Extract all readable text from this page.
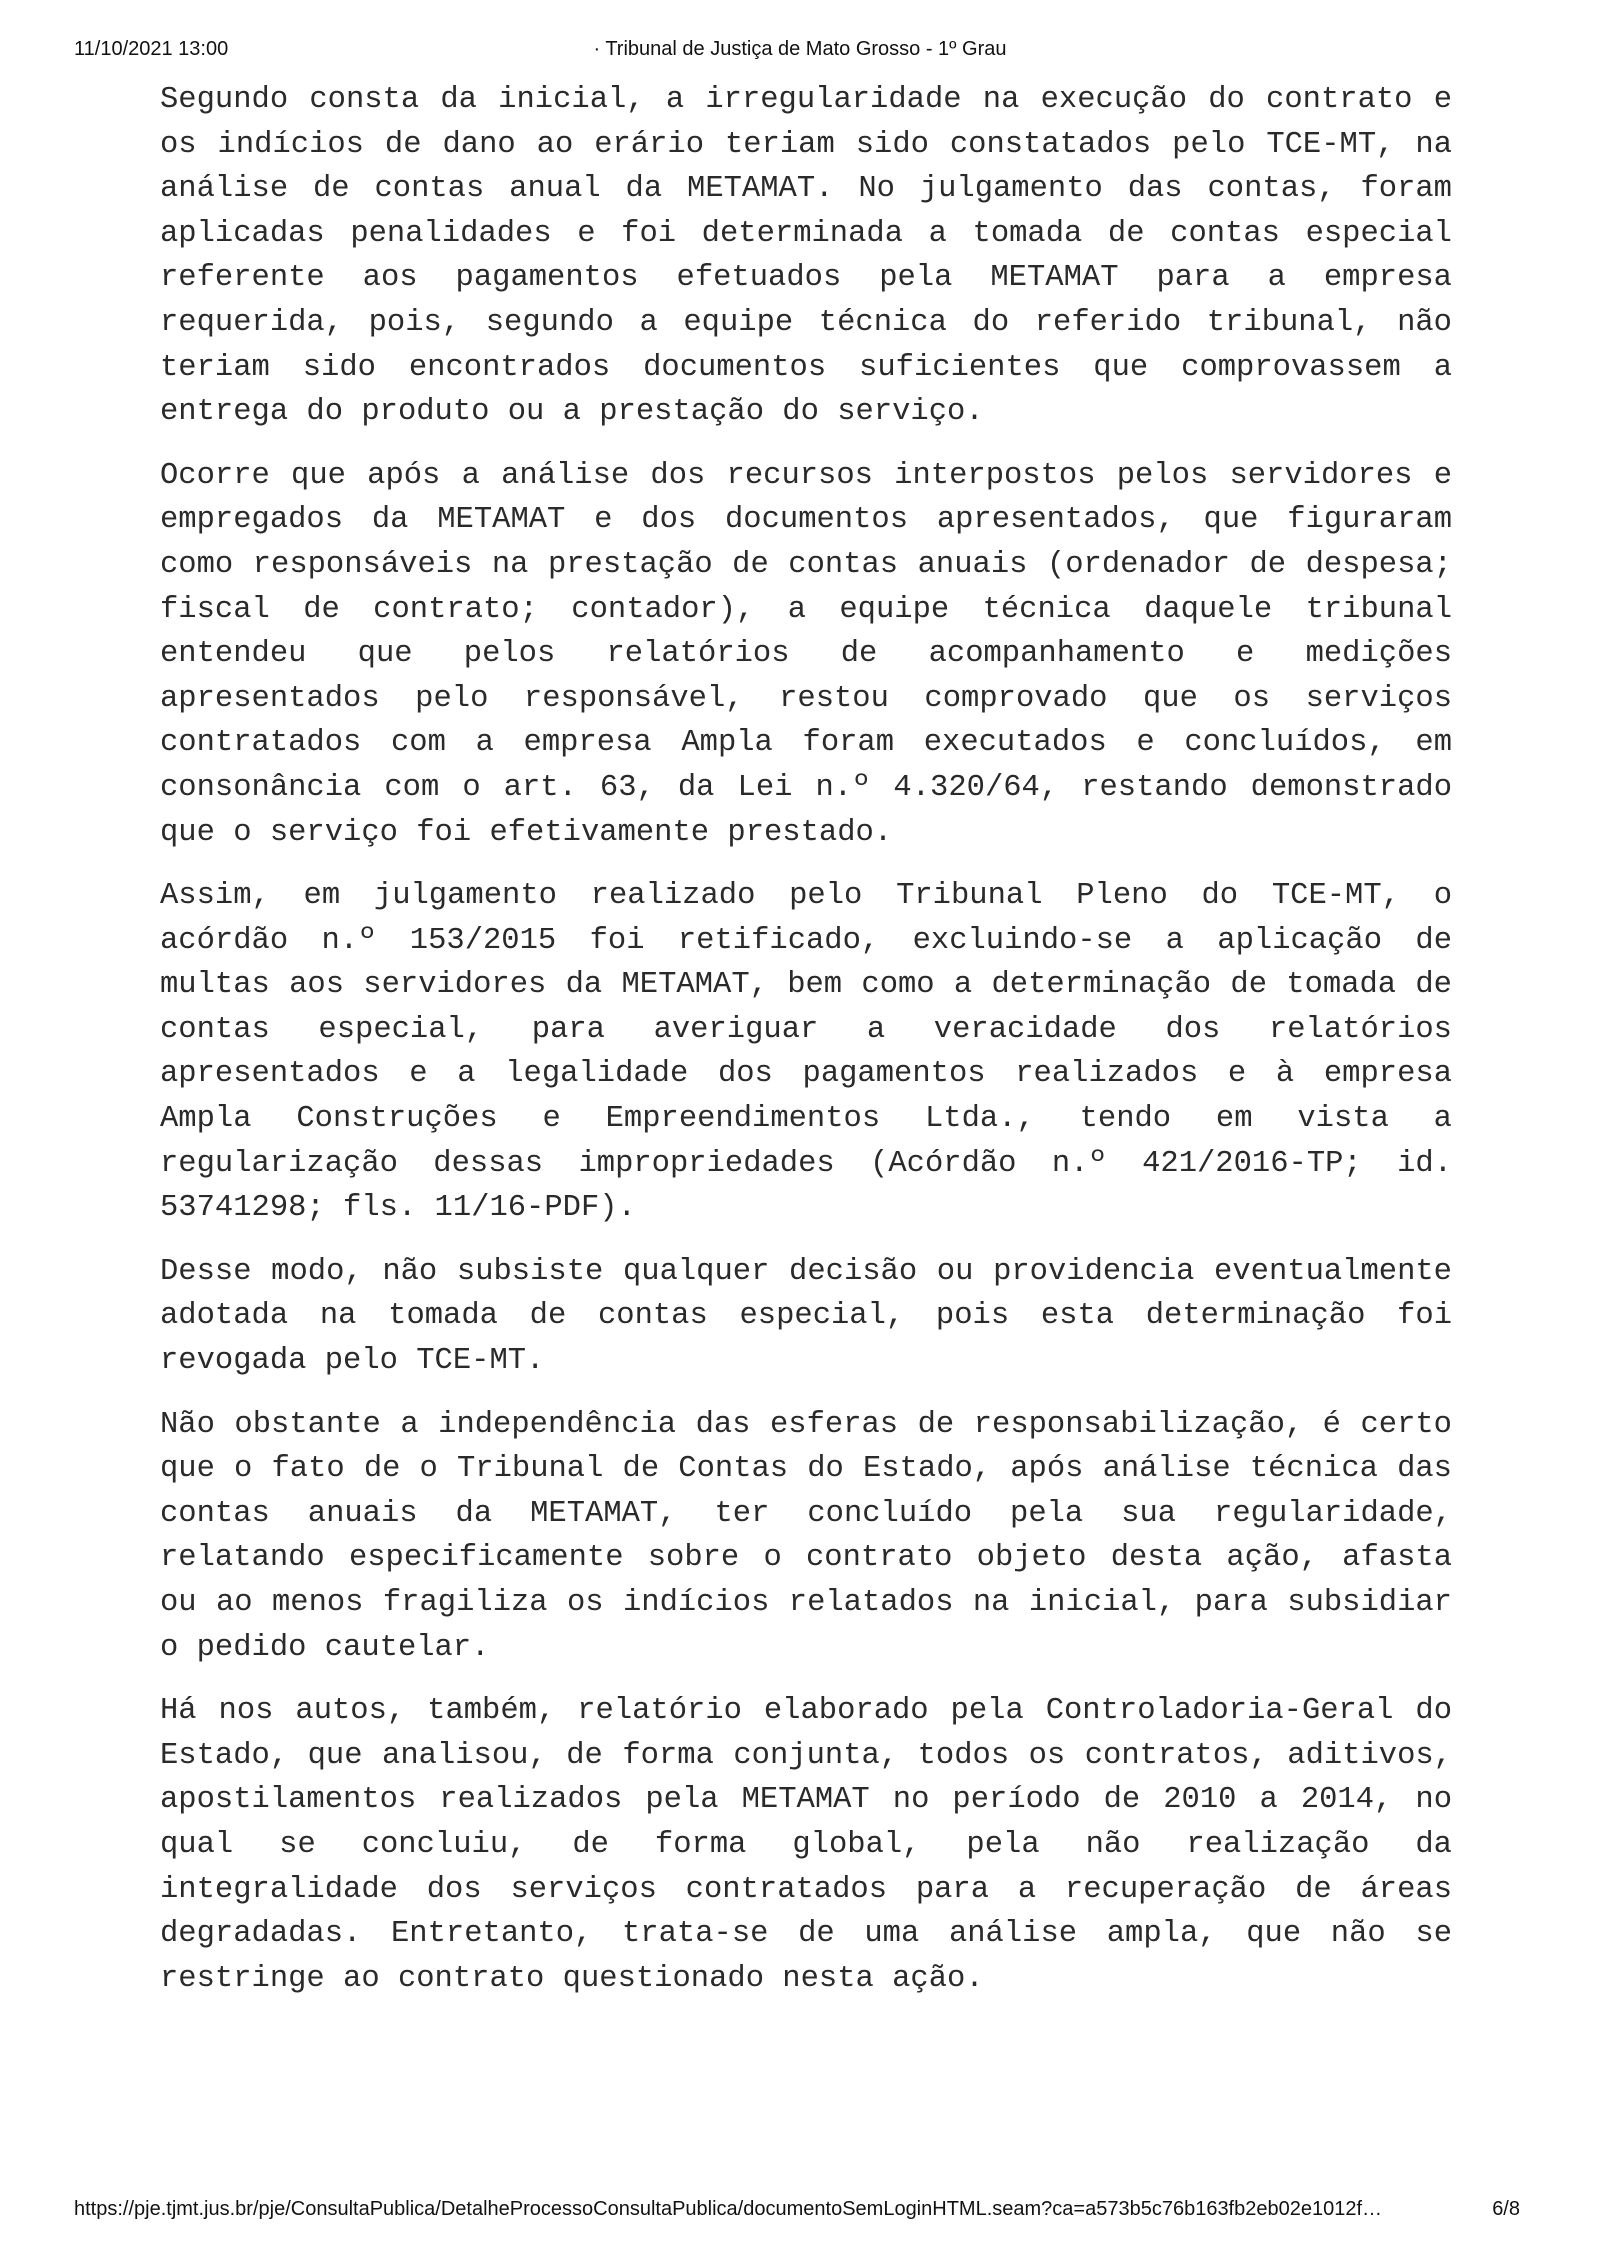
11/10/2021 13:00	· Tribunal de Justiça de Mato Grosso - 1º Grau

Segundo consta da inicial, a irregularidade na execução do contrato e os indícios de dano ao erário teriam sido constatados pelo TCE-MT, na análise de contas anual da METAMAT. No julgamento das contas, foram aplicadas penalidades e foi determinada a tomada de contas especial referente aos pagamentos efetuados pela METAMAT para a empresa requerida, pois, segundo a equipe técnica do referido tribunal, não teriam sido encontrados documentos suficientes que comprovassem a entrega do produto ou a prestação do serviço.

Ocorre que após a análise dos recursos interpostos pelos servidores e empregados da METAMAT e dos documentos apresentados, que figuraram como responsáveis na prestação de contas anuais (ordenador de despesa; fiscal de contrato; contador), a equipe técnica daquele tribunal entendeu que pelos relatórios de acompanhamento e medições apresentados pelo responsável, restou comprovado que os serviços contratados com a empresa Ampla foram executados e concluídos, em consonância com o art. 63, da Lei n.º 4.320/64, restando demonstrado que o serviço foi efetivamente prestado.

Assim, em julgamento realizado pelo Tribunal Pleno do TCE-MT, o acórdão n.º 153/2015 foi retificado, excluindo-se a aplicação de multas aos servidores da METAMAT, bem como a determinação de tomada de contas especial, para averiguar a veracidade dos relatórios apresentados e a legalidade dos pagamentos realizados e à empresa Ampla Construções e Empreendimentos Ltda., tendo em vista a regularização dessas impropriedades (Acórdão n.º 421/2016-TP; id. 53741298; fls. 11/16-PDF).

Desse modo, não subsiste qualquer decisão ou providencia eventualmente adotada na tomada de contas especial, pois esta determinação foi revogada pelo TCE-MT.

Não obstante a independência das esferas de responsabilização, é certo que o fato de o Tribunal de Contas do Estado, após análise técnica das contas anuais da METAMAT, ter concluído pela sua regularidade, relatando especificamente sobre o contrato objeto desta ação, afasta ou ao menos fragiliza os indícios relatados na inicial, para subsidiar o pedido cautelar.

Há nos autos, também, relatório elaborado pela Controladoria-Geral do Estado, que analisou, de forma conjunta, todos os contratos, aditivos, apostilamentos realizados pela METAMAT no período de 2010 a 2014, no qual se concluiu, de forma global, pela não realização da integralidade dos serviços contratados para a recuperação de áreas degradadas. Entretanto, trata-se de uma análise ampla, que não se restringe ao contrato questionado nesta ação.

https://pje.tjmt.jus.br/pje/ConsultaPublica/DetalheProcessoConsultaPublica/documentoSemLoginHTML.seam?ca=a573b5c76b163fb2eb02e1012f…	6/8
